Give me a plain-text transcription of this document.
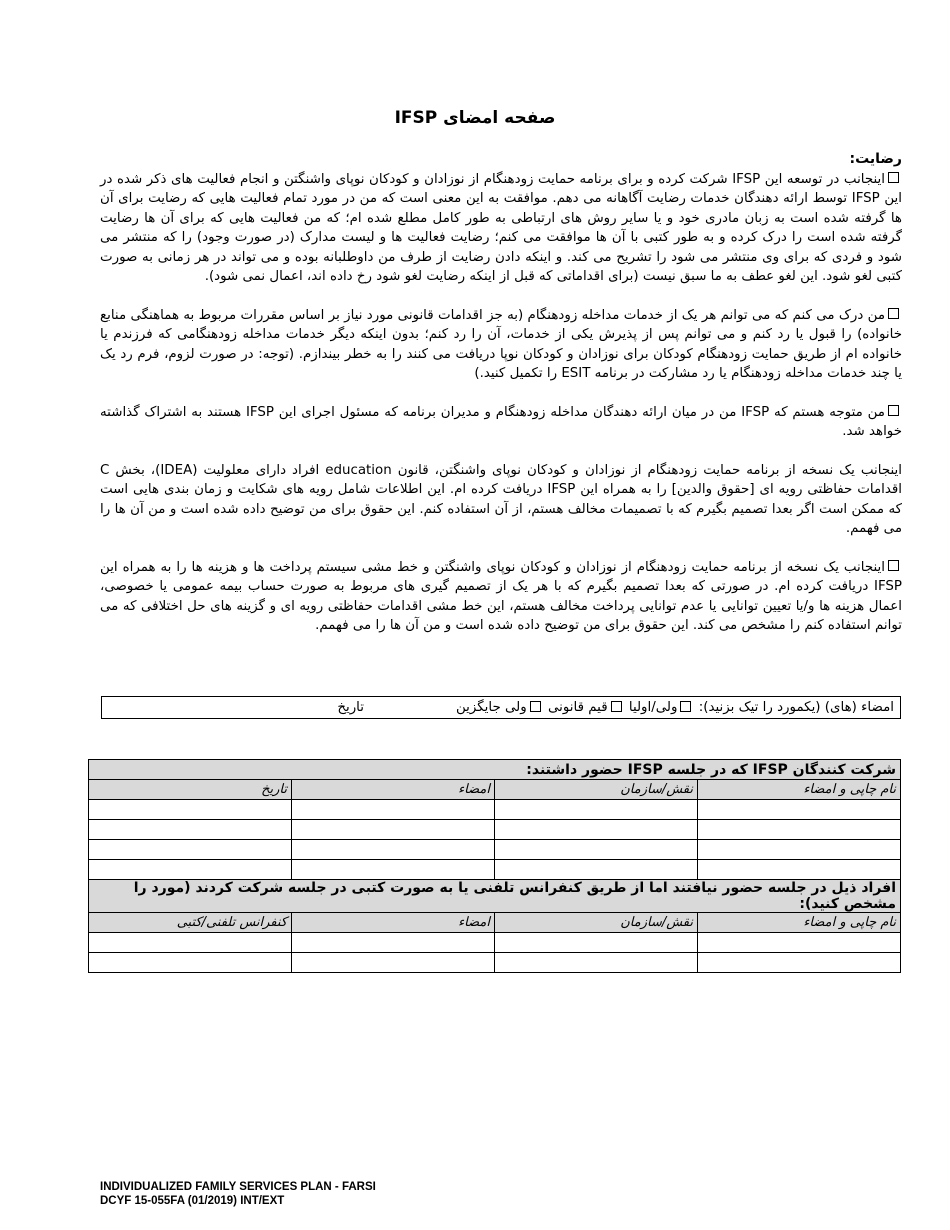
صفحه امضای IFSP

رضایت:

اینجانب در توسعه این IFSP شرکت کرده و برای برنامه حمایت زودهنگام از نوزادان و کودکان نوپای واشنگتن و انجام فعالیت های ذکر شده در این IFSP توسط ارائه دهندگان خدمات رضایت آگاهانه می دهم. موافقت به این معنی است که من در مورد تمام فعالیت هایی که رضایت برای آن ها گرفته شده است به زبان مادری خود و یا سایر روش های ارتباطی به طور کامل مطلع شده ام؛ که من فعالیت هایی که برای آن ها رضایت گرفته شده است را درک کرده و به طور کتبی با آن ها موافقت می کنم؛ رضایت فعالیت ها و لیست مدارک (در صورت وجود) را که منتشر می شود و فردی که برای وی منتشر می شود را تشریح می کند. و اینکه دادن رضایت از طرف من داوطلبانه بوده و می تواند در هر زمانی به صورت کتبی لغو شود. این لغو عطف به ما سبق نیست (برای اقداماتی که قبل از اینکه رضایت لغو شود رخ داده اند، اعمال نمی شود).

من درک می کنم که می توانم هر یک از خدمات مداخله زودهنگام (به جز اقدامات قانونی مورد نیاز بر اساس مقررات مربوط به هماهنگی منابع خانواده) را قبول یا رد کنم و می توانم پس از پذیرش یکی از خدمات، آن را رد کنم؛ بدون اینکه دیگر خدمات مداخله زودهنگامی که فرزندم یا خانواده ام از طریق حمایت زودهنگام کودکان برای نوزادان و کودکان نوپا دریافت می کنند را به خطر بیندازم. (توجه: در صورت لزوم، فرم رد یک یا چند خدمات مداخله زودهنگام یا رد مشارکت در برنامه ESIT را تکمیل کنید.)

من متوجه هستم که IFSP من در میان ارائه دهندگان مداخله زودهنگام و مدیران برنامه که مسئول اجرای این IFSP هستند به اشتراک گذاشته خواهد شد.

اینجانب یک نسخه از برنامه حمایت زودهنگام از نوزادان و کودکان نوپای واشنگتن، قانون education افراد دارای معلولیت (IDEA)، بخش C اقدامات حفاظتی رویه ای [حقوق والدین] را به همراه این IFSP دریافت کرده ام. این اطلاعات شامل رویه های شکایت و زمان بندی هایی است که ممکن است اگر بعدا تصمیم بگیرم که با تصمیمات مخالف هستم، از آن استفاده کنم. این حقوق برای من توضیح داده شده است و من آن ها را می فهمم.

اینجانب یک نسخه از برنامه حمایت زودهنگام از نوزادان و کودکان نوپای واشنگتن و خط مشی سیستم پرداخت ها و هزینه ها را به همراه این IFSP دریافت کرده ام. در صورتی که بعدا تصمیم بگیرم که با هر یک از تصمیم گیری های مربوط به صورت حساب بیمه عمومی یا خصوصی، اعمال هزینه ها و/یا تعیین توانایی یا عدم توانایی پرداخت مخالف هستم، این خط مشی اقدامات حفاظتی رویه ای و گزینه های حل اختلافی که می توانم استفاده کنم را مشخص می کند. این حقوق برای من توضیح داده شده است و من آن ها را می فهمم.

امضاء (های) (یکمورد را تیک بزنید): ولی/اولیا قیم قانونی ولی جایگزین
تاریخ
شرکت کنندگان IFSP که در جلسه IFSP حضور داشتند:			
نام چاپی و امضاء	نقش/سازمان	امضاء	تاریخ

افراد ذیل در جلسه حضور نیافتند اما از طریق کنفرانس تلفنی یا به صورت کتبی در جلسه شرکت کردند (مورد را مشخص کنید):			
نام چاپی و امضاء	نقش/سازمان	امضاء	کنفرانس تلفنی/کتبی

INDIVIDUALIZED FAMILY SERVICES PLAN - FARSI
DCYF 15-055FA (01/2019) INT/EXT
